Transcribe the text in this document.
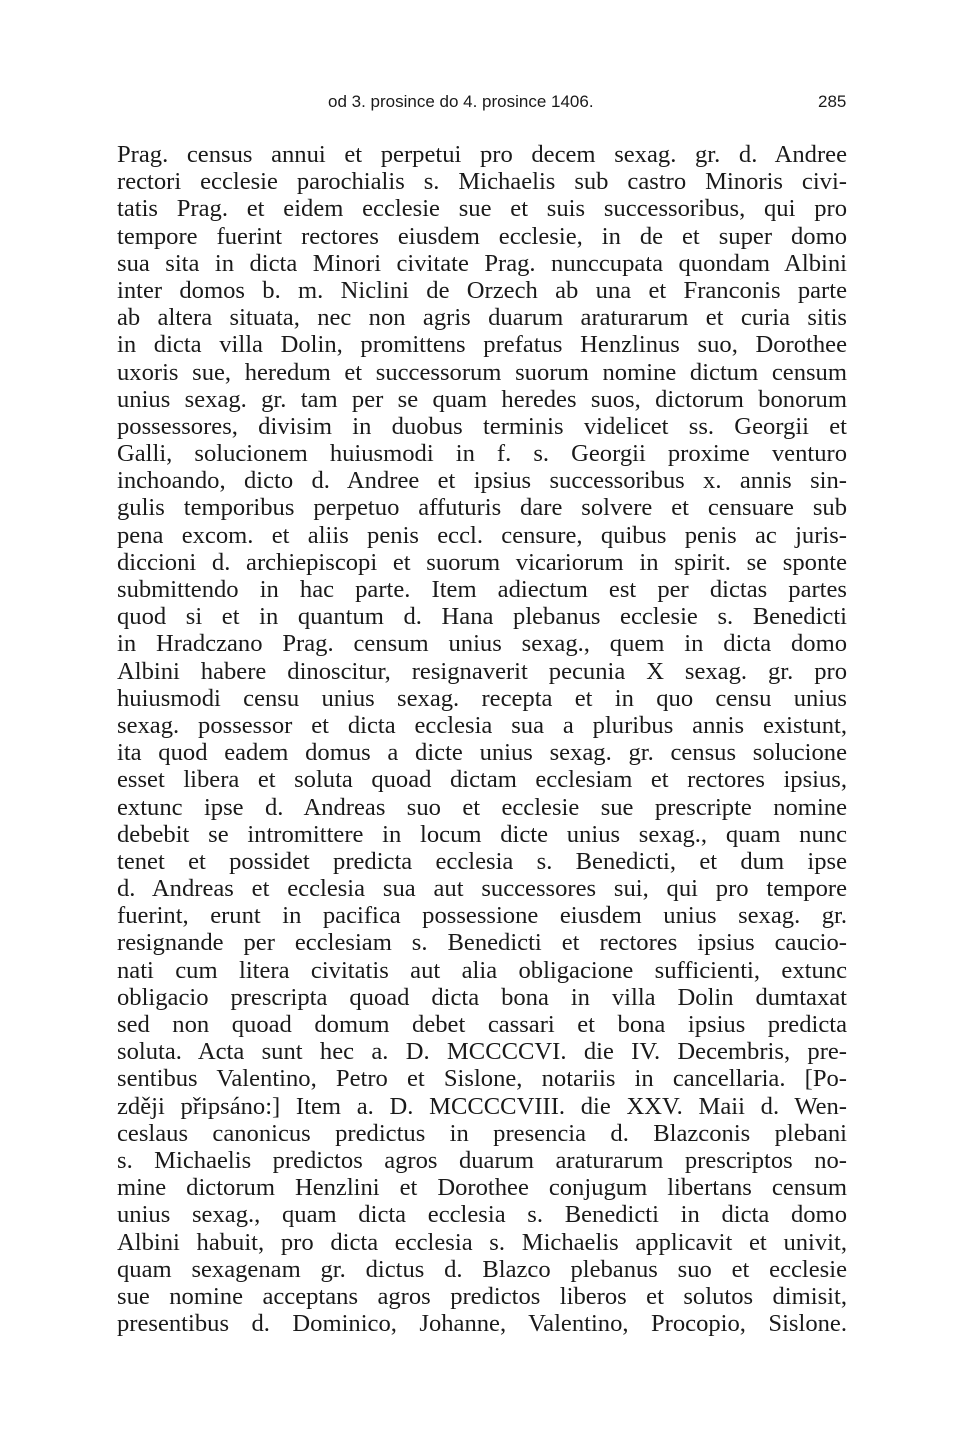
od 3. prosince do 4. prosince 1406.	285
Prag. census annui et perpetui pro decem sexag. gr. d. Andree
rectori ecclesie parochialis s. Michaelis sub castro Minoris civi-
tatis Prag. et eidem ecclesie sue et suis successoribus, qui pro
tempore fuerint rectores eiusdem ecclesie, in de et super domo
sua sita in dicta Minori civitate Prag. nunccupata quondam Albini
inter domos b. m. Niclini de Orzech ab una et Franconis parte
ab altera situata, nec non agris duarum araturarum et curia sitis
in dicta villa Dolin, promittens prefatus Henzlinus suo, Dorothee
uxoris sue, heredum et successorum suorum nomine dictum censum
unius sexag. gr. tam per se quam heredes suos, dictorum bonorum
possessores, divisim in duobus terminis videlicet ss. Georgii et
Galli, solucionem huiusmodi in f. s. Georgii proxime venturo
inchoando, dicto d. Andree et ipsius successoribus x. annis sin-
gulis temporibus perpetuo affuturis dare solvere et censuare sub
pena excom. et aliis penis eccl. censure, quibus penis ac juris-
diccioni d. archiepiscopi et suorum vicariorum in spirit. se sponte
submittendo in hac parte. Item adiectum est per dictas partes
quod si et in quantum d. Hana plebanus ecclesie s. Benedicti
in Hradczano Prag. censum unius sexag., quem in dicta domo
Albini habere dinoscitur, resignaverit pecunia X sexag. gr. pro
huiusmodi censu unius sexag. recepta et in quo censu unius
sexag. possessor et dicta ecclesia sua a pluribus annis existunt,
ita quod eadem domus a dicte unius sexag. gr. census solucione
esset libera et soluta quoad dictam ecclesiam et rectores ipsius,
extunc ipse d. Andreas suo et ecclesie sue prescripte nomine
debebit se intromittere in locum dicte unius sexag., quam nunc
tenet et possidet predicta ecclesia s. Benedicti, et dum ipse
d. Andreas et ecclesia sua aut successores sui, qui pro tempore
fuerint, erunt in pacifica possessione eiusdem unius sexag. gr.
resignande per ecclesiam s. Benedicti et rectores ipsius caucio-
nati cum litera civitatis aut alia obligacione sufficienti, extunc
obligacio prescripta quoad dicta bona in villa Dolin dumtaxat
sed non quoad domum debet cassari et bona ipsius predicta
soluta. Acta sunt hec a. D. MCCCCVI. die IV. Decembris, pre-
sentibus Valentino, Petro et Sislone, notariis in cancellaria. [Po-
zději připsáno:] Item a. D. MCCCCVIII. die XXV. Maii d. Wen-
ceslaus canonicus predictus in presencia d. Blazconis plebani
s. Michaelis predictos agros duarum araturarum prescriptos no-
mine dictorum Henzlini et Dorothee conjugum libertans censum
unius sexag., quam dicta ecclesia s. Benedicti in dicta domo
Albini habuit, pro dicta ecclesia s. Michaelis applicavit et univit,
quam sexagenam gr. dictus d. Blazco plebanus suo et ecclesie
sue nomine acceptans agros predictos liberos et solutos dimisit,
presentibus d. Dominico, Johanne, Valentino, Procopio, Sislone.
